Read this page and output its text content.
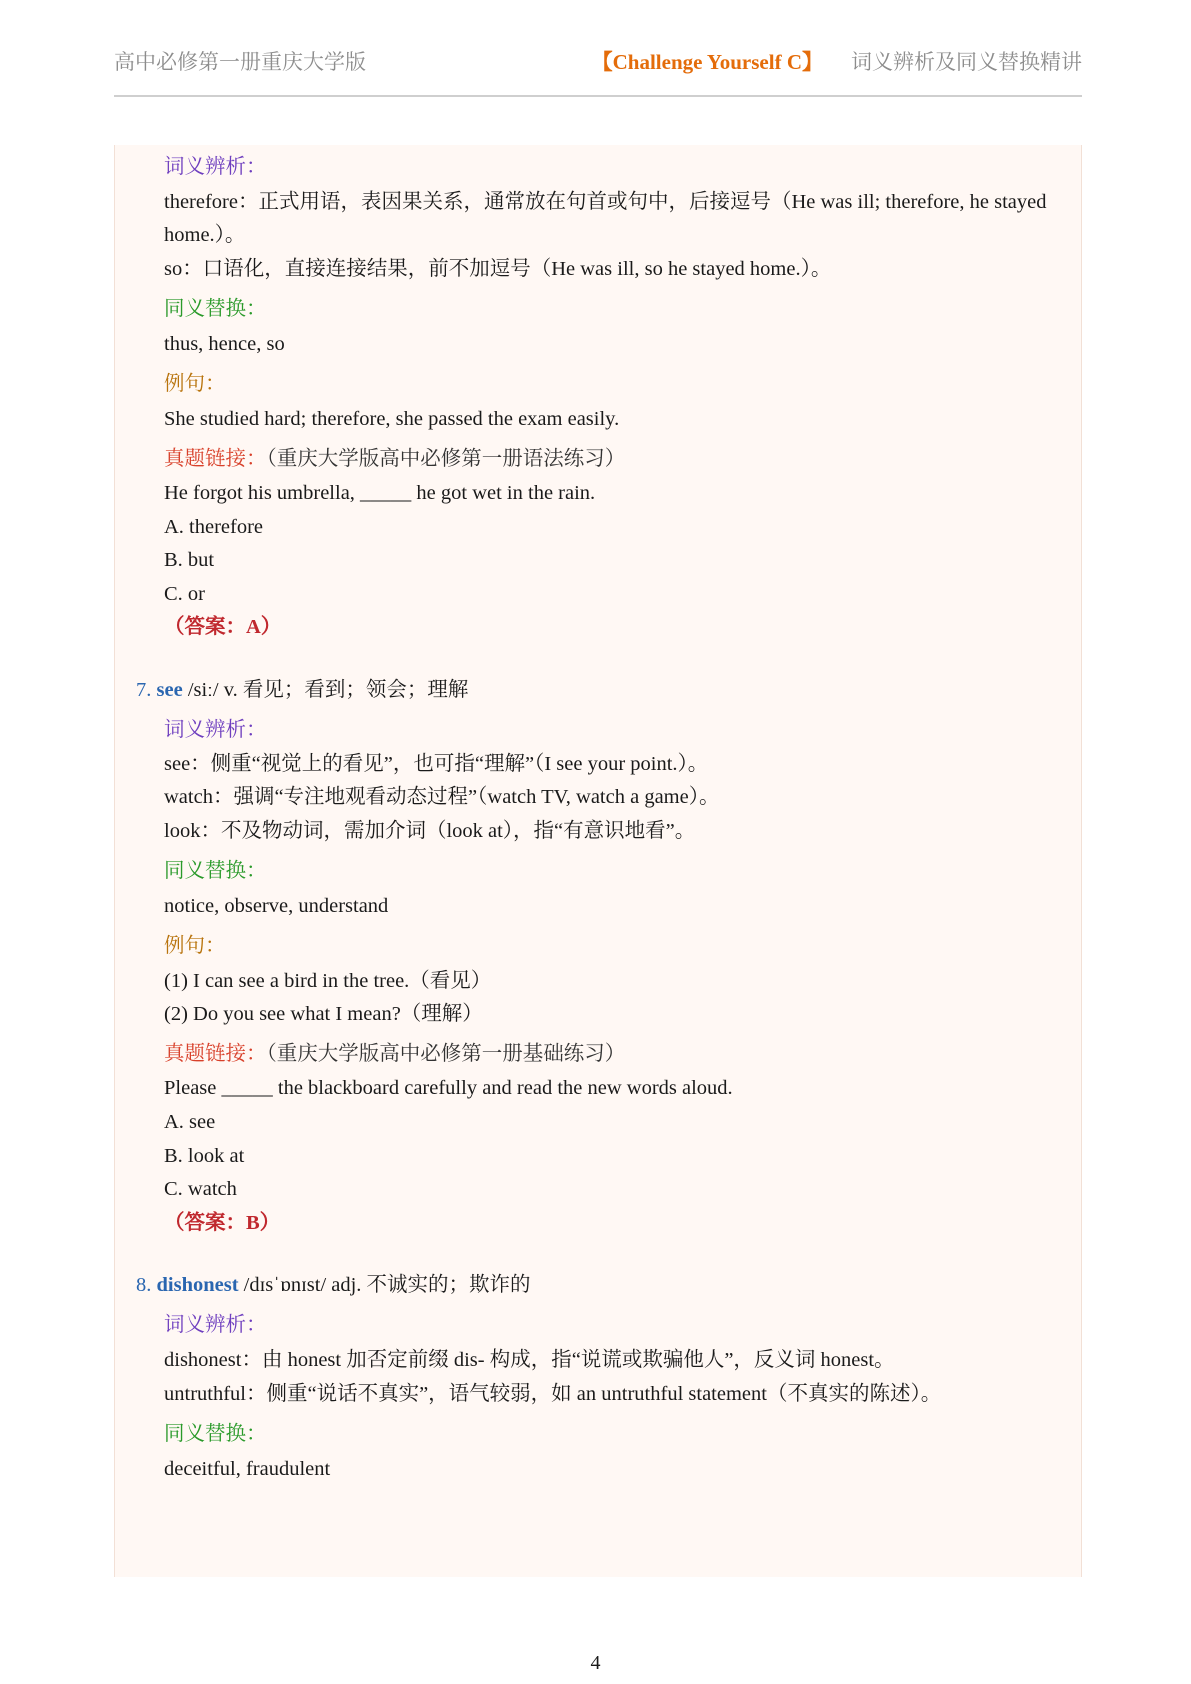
高中必修第一册重庆大学版	【Challenge Yourself C】 词义辨析及同义替换精讲
词义辨析：
therefore：正式用语，表因果关系，通常放在句首或句中，后接逗号（He was ill; therefore, he stayed
home.）。
so：口语化，直接连接结果，前不加逗号（He was ill, so he stayed home.）。
同义替换：
thus, hence, so
例句：
She studied hard; therefore, she passed the exam easily.
真题链接：（重庆大学版高中必修第一册语法练习）
He forgot his umbrella, _____ he got wet in the rain.
A. therefore
B. but
C. or
（答案：A）
7. see /siː/ v. 看见；看到；领会；理解
词义辨析：
see：侧重“视觉上的看见”，也可指“理解”（I see your point.）。
watch：强调“专注地观看动态过程”（watch TV, watch a game）。
look：不及物动词，需加介词（look at），指“有意识地看”。
同义替换：
notice, observe, understand
例句：
(1) I can see a bird in the tree.（看见）
(2) Do you see what I mean?（理解）
真题链接：（重庆大学版高中必修第一册基础练习）
Please _____ the blackboard carefully and read the new words aloud.
A. see
B. look at
C. watch
（答案：B）
8. dishonest /dɪsˈɒnɪst/ adj. 不诚实的；欺诈的
词义辨析：
dishonest：由 honest 加否定前缀 dis- 构成，指“说谎或欺骗他人”，反义词 honest。
untruthful：侧重“说话不真实”，语气较弱，如 an untruthful statement（不真实的陈述）。
同义替换：
deceitful, fraudulent
4
